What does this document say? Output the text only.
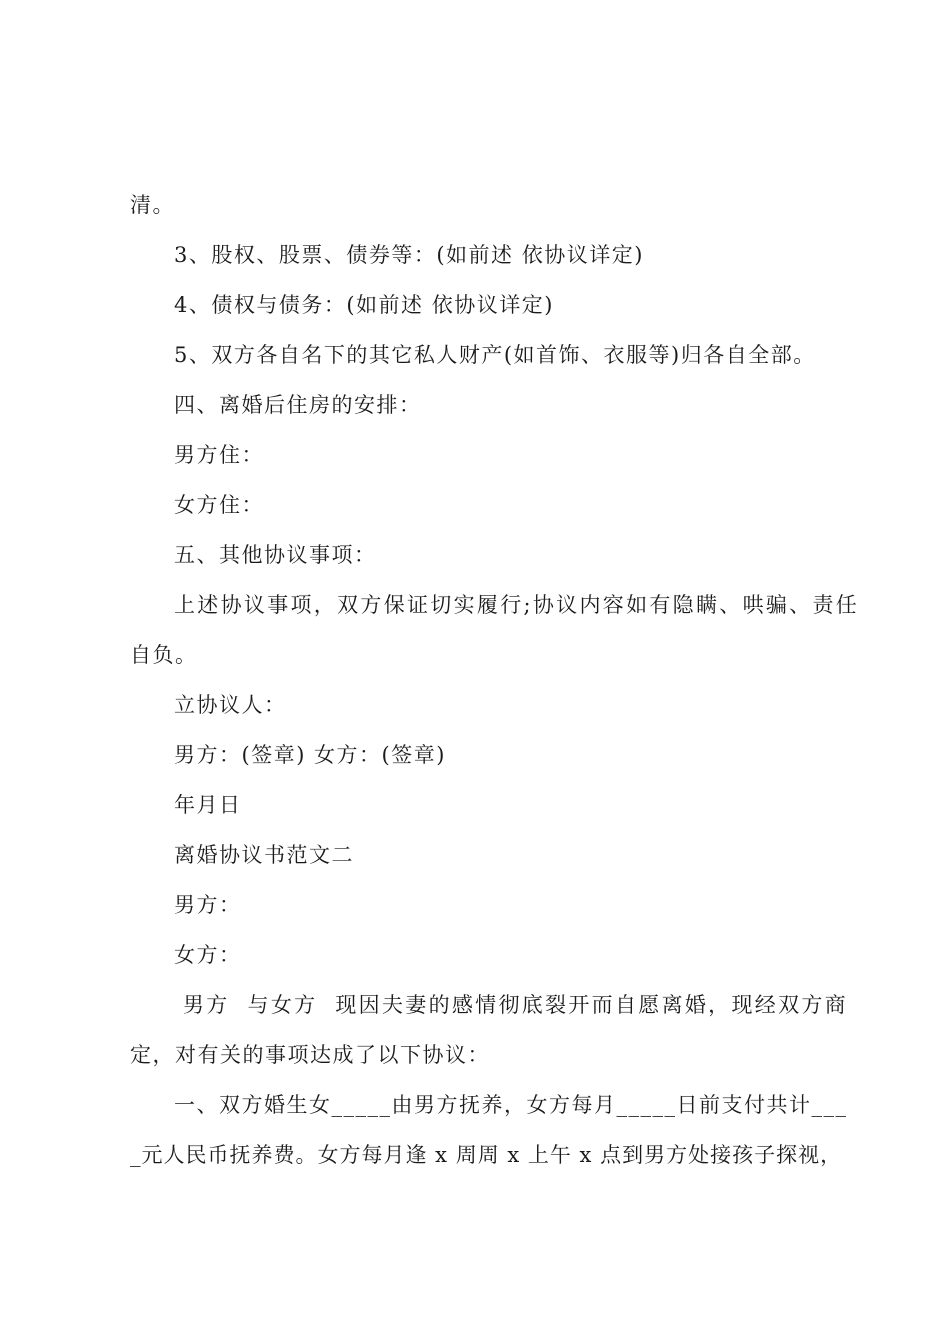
清。
3、股权、股票、债券等：(如前述 依协议详定)
4、债权与债务：(如前述 依协议详定)
5、双方各自名下的其它私人财产(如首饰、衣服等)归各自全部。
四、离婚后住房的安排：
男方住：
女方住：
五、其他协议事项：
上述协议事项，双方保证切实履行;协议内容如有隐瞒、哄骗、责任
自负。
立协议人：
男方：(签章) 女方：(签章)
年月日
离婚协议书范文二
男方：
女方：
男方  与女方  现因夫妻的感情彻底裂开而自愿离婚，现经双方商
定，对有关的事项达成了以下协议：
一、双方婚生女_____由男方抚养，女方每月_____日前支付共计___
_元人民币抚养费。女方每月逢 x 周周 x 上午 x 点到男方处接孩子探视，
